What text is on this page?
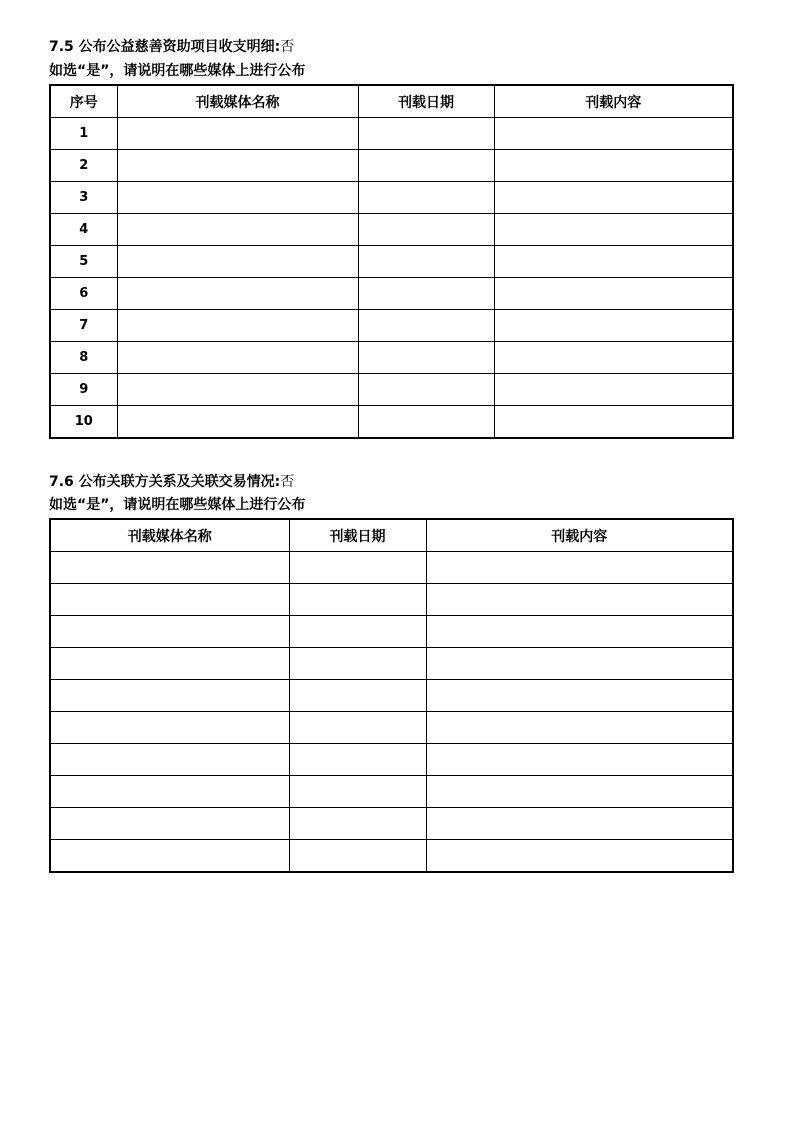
7.5 公布公益慈善资助项目收支明细:否
如选“是”，请说明在哪些媒体上进行公布
序号	刊载媒体名称	刊载日期	刊载内容
1			
2			
3			
4			
5			
6			
7			
8			
9			
10			
7.6 公布关联方关系及关联交易情况:否
如选“是”，请说明在哪些媒体上进行公布
刊载媒体名称	刊载日期	刊载内容
